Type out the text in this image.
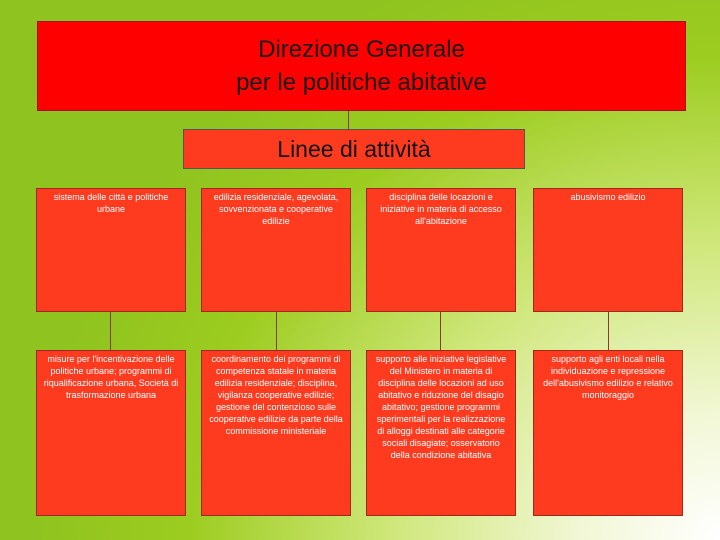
Direzione Generale
per le politiche abitative
Linee di attività
sistema delle città e politiche urbane
edilizia residenziale, agevolata, sovvenzionata e cooperative edilizie
disciplina delle locazioni e iniziative in materia di accesso all'abitazione
abusivismo edilizio
misure per l'incentivazione delle politiche urbane; programmi di riqualificazione urbana, Società di trasformazione urbana
coordinamento dei programmi di competenza statale in materia edilizia residenziale; disciplina, vigilanza cooperative edilizie; gestione del contenzioso sulle cooperative edilizie da parte della commissione ministeriale
supporto alle iniziative legislative del Ministero in materia di disciplina delle locazioni ad uso abitativo e riduzione del disagio abitativo; gestione programmi sperimentali per la realizzazione di alloggi destinati alle categorie sociali disagiate; osservatorio della condizione abitativa
supporto agli enti locali nella individuazione e repressione dell'abusivismo edilizio e relativo monitoraggio
